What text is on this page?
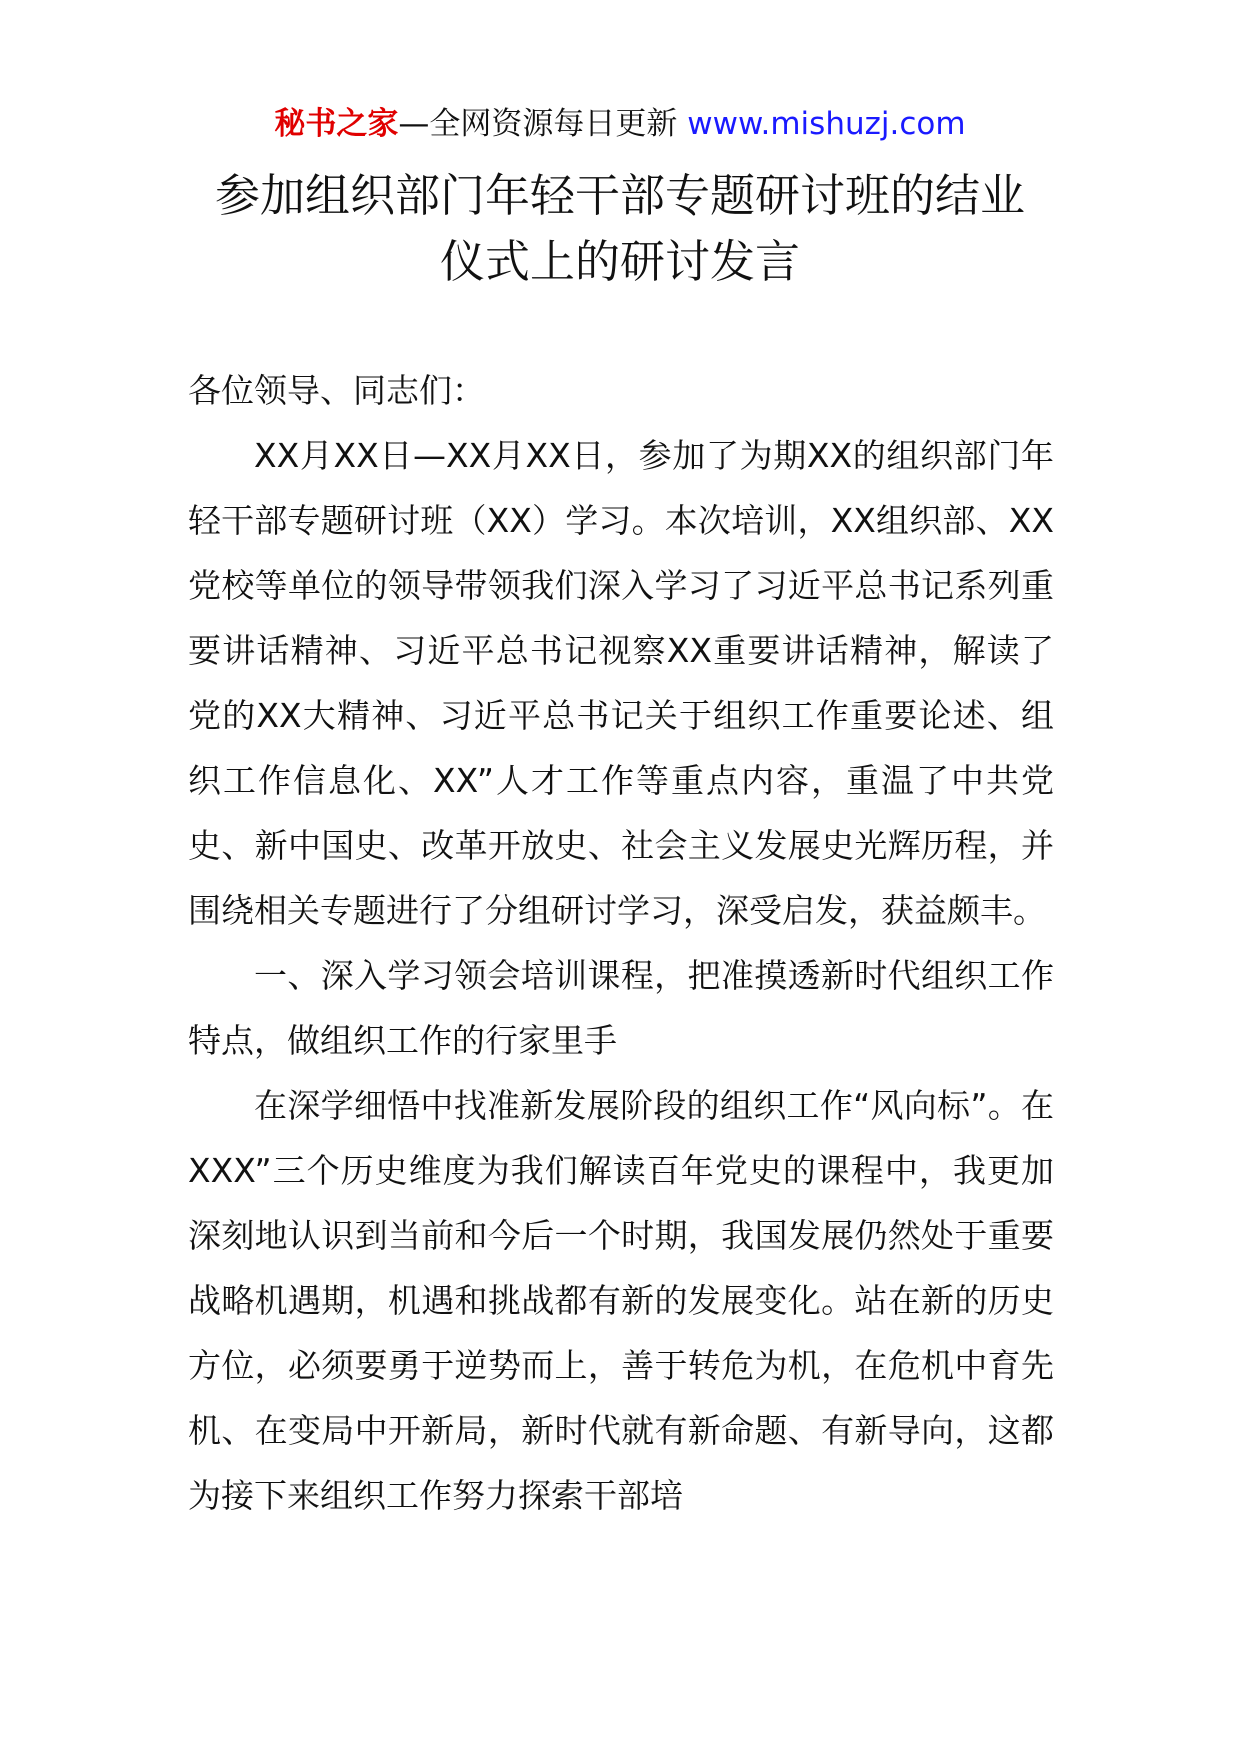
秘书之家—全网资源每日更新 www.mishuzj.com
参加组织部门年轻干部专题研讨班的结业
仪式上的研讨发言

各位领导、同志们：

XX月XX日—XX月XX日，参加了为期XX的组织部门年轻干部专题研讨班（XX）学习。本次培训，XX组织部、XX党校等单位的领导带领我们深入学习了习近平总书记系列重要讲话精神、习近平总书记视察XX重要讲话精神，解读了党的XX大精神、习近平总书记关于组织工作重要论述、组织工作信息化、XX”人才工作等重点内容，重温了中共党史、新中国史、改革开放史、社会主义发展史光辉历程，并围绕相关专题进行了分组研讨学习，深受启发，获益颇丰。

一、深入学习领会培训课程，把准摸透新时代组织工作特点，做组织工作的行家里手

在深学细悟中找准新发展阶段的组织工作“风向标”。在XXX”三个历史维度为我们解读百年党史的课程中，我更加深刻地认识到当前和今后一个时期，我国发展仍然处于重要战略机遇期，机遇和挑战都有新的发展变化。站在新的历史方位，必须要勇于逆势而上，善于转危为机，在危机中育先机、在变局中开新局，新时代就有新命题、有新导向，这都为接下来组织工作努力探索干部培
